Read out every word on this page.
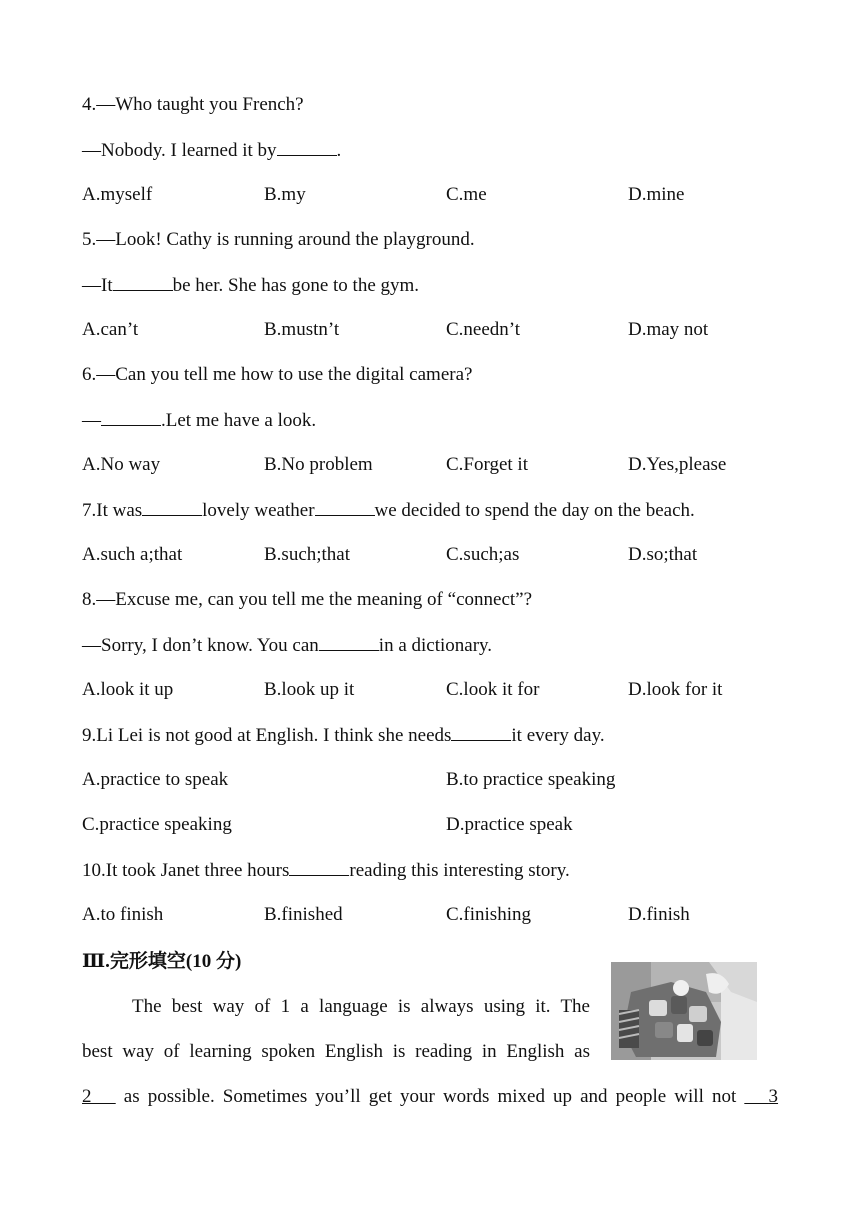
4.—Who taught you French?
—Nobody. I learned it by	.
A.myself	B.my	C.me	D.mine
5.—Look! Cathy is running around the playground.
—It	be her. She has gone to the gym.
A.can’t	B.mustn’t	C.needn’t	D.may not
6.—Can you tell me how to use the digital camera?
—	.Let me have a look.
A.No way	B.No problem	C.Forget it	D.Yes,please
7.It was	lovely weather	we decided to spend the day on the beach.
A.such a;that	B.such;that	C.such;as	D.so;that
8.—Excuse me, can you tell me the meaning of “connect”?
—Sorry, I don’t know. You can	in a dictionary.
A.look it up	B.look up it	C.look it for	D.look for it
9.Li Lei is not good at English. I think she needs	it every day.
A.practice to speak	B.to practice speaking
C.practice speaking	D.practice speak
10.It took Janet three hours	reading this interesting story.
A.to finish	B.finished	C.finishing	D.finish
Ⅲ.完形填空(10 分)
The best way of 1 a language is always using it. The
best way of learning spoken English is reading in English as
2 as possible. Sometimes you’ll get your words mixed up and people will not 3
